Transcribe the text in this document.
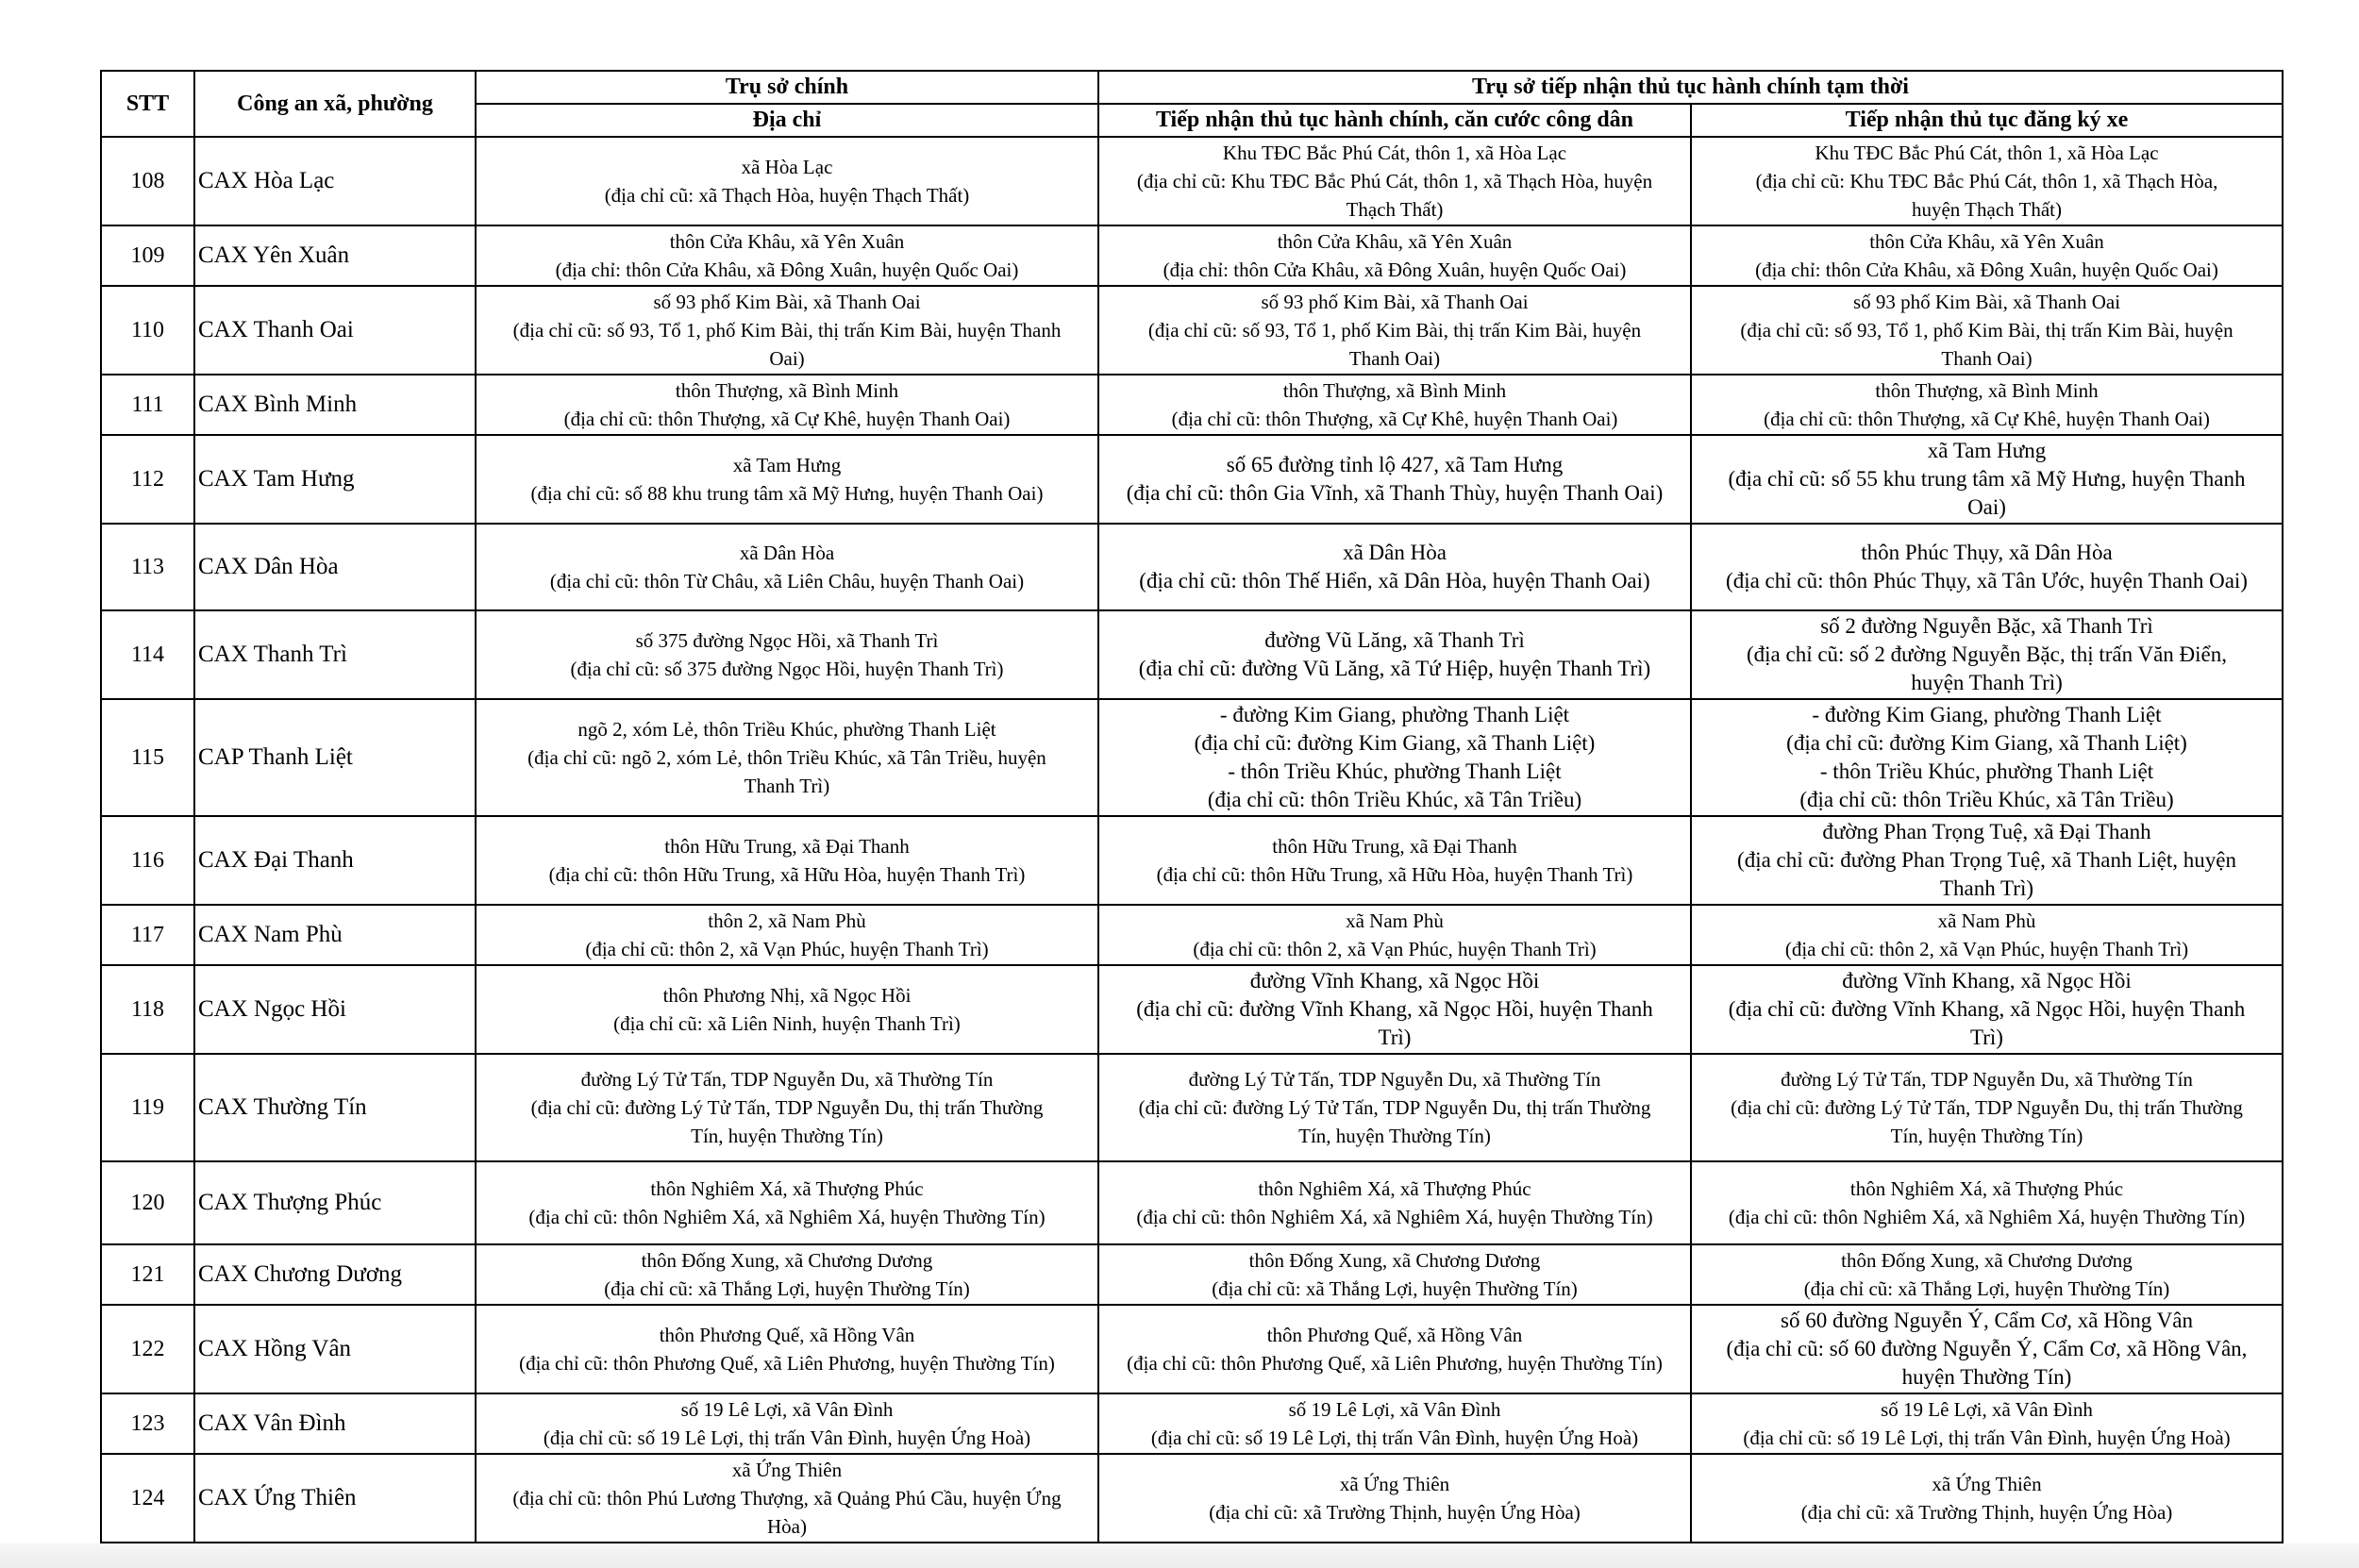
STT	Công an xã, phường	Trụ sở chính	Trụ sở tiếp nhận thủ tục hành chính tạm thời	
		Địa chỉ	Tiếp nhận thủ tục hành chính, căn cước công dân	Tiếp nhận thủ tục đăng ký xe
108	CAX Hòa Lạc	xã Hòa Lạc
(địa chỉ cũ: xã Thạch Hòa, huyện Thạch Thất)	Khu TĐC Bắc Phú Cát, thôn 1, xã Hòa Lạc
(địa chỉ cũ: Khu TĐC Bắc Phú Cát, thôn 1, xã Thạch Hòa, huyện
Thạch Thất)	Khu TĐC Bắc Phú Cát, thôn 1, xã Hòa Lạc
(địa chỉ cũ: Khu TĐC Bắc Phú Cát, thôn 1, xã Thạch Hòa,
huyện Thạch Thất)

109	CAX Yên Xuân	thôn Cửa Khâu, xã Yên Xuân
(địa chỉ: thôn Cửa Khâu, xã Đông Xuân, huyện Quốc Oai)	thôn Cửa Khâu, xã Yên Xuân
(địa chỉ: thôn Cửa Khâu, xã Đông Xuân, huyện Quốc Oai)	thôn Cửa Khâu, xã Yên Xuân
(địa chỉ: thôn Cửa Khâu, xã Đông Xuân, huyện Quốc Oai)

110	CAX Thanh Oai	số 93 phố Kim Bài, xã Thanh Oai
(địa chỉ cũ: số 93, Tổ 1, phố Kim Bài, thị trấn Kim Bài, huyện Thanh
Oai)	số 93 phố Kim Bài, xã Thanh Oai
(địa chỉ cũ: số 93, Tổ 1, phố Kim Bài, thị trấn Kim Bài, huyện
Thanh Oai)	số 93 phố Kim Bài, xã Thanh Oai
(địa chỉ cũ: số 93, Tổ 1, phố Kim Bài, thị trấn Kim Bài, huyện
Thanh Oai)

111	CAX Bình Minh	thôn Thượng, xã Bình Minh
(địa chỉ cũ: thôn Thượng, xã Cự Khê, huyện Thanh Oai)	thôn Thượng, xã Bình Minh
(địa chỉ cũ: thôn Thượng, xã Cự Khê, huyện Thanh Oai)	thôn Thượng, xã Bình Minh
(địa chỉ cũ: thôn Thượng, xã Cự Khê, huyện Thanh Oai)

112	CAX Tam Hưng	xã Tam Hưng
(địa chỉ cũ: số 88 khu trung tâm xã Mỹ Hưng, huyện Thanh Oai)	số 65 đường tỉnh lộ 427, xã Tam Hưng
(địa chỉ cũ: thôn Gia Vĩnh, xã Thanh Thùy, huyện Thanh Oai)	xã Tam Hưng
(địa chỉ cũ: số 55 khu trung tâm xã Mỹ Hưng, huyện Thanh
Oai)

113	CAX Dân Hòa	xã Dân Hòa
(địa chỉ cũ: thôn Từ Châu, xã Liên Châu, huyện Thanh Oai)	xã Dân Hòa
(địa chỉ cũ: thôn Thế Hiển, xã Dân Hòa, huyện Thanh Oai)	thôn Phúc Thụy, xã Dân Hòa
(địa chỉ cũ: thôn Phúc Thụy, xã Tân Ước, huyện Thanh Oai)

114	CAX Thanh Trì	số 375 đường Ngọc Hồi, xã Thanh Trì
(địa chỉ cũ: số 375 đường Ngọc Hồi, huyện Thanh Trì)	đường Vũ Lăng, xã Thanh Trì
(địa chỉ cũ: đường Vũ Lăng, xã Tứ Hiệp, huyện Thanh Trì)	số 2 đường Nguyễn Bặc, xã Thanh Trì
(địa chỉ cũ: số 2 đường Nguyễn Bặc, thị trấn Văn Điển,
huyện Thanh Trì)

115	CAP Thanh Liệt	ngõ 2, xóm Lẻ, thôn Triều Khúc, phường Thanh Liệt
(địa chỉ cũ: ngõ 2, xóm Lẻ, thôn Triều Khúc, xã Tân Triều, huyện
Thanh Trì)	- đường Kim Giang, phường Thanh Liệt
(địa chỉ cũ: đường Kim Giang, xã Thanh Liệt)
- thôn Triều Khúc, phường Thanh Liệt
(địa chỉ cũ: thôn Triều Khúc, xã Tân Triều)	- đường Kim Giang, phường Thanh Liệt
(địa chỉ cũ: đường Kim Giang, xã Thanh Liệt)
- thôn Triều Khúc, phường Thanh Liệt
(địa chỉ cũ: thôn Triều Khúc, xã Tân Triều)

116	CAX Đại Thanh	thôn Hữu Trung, xã Đại Thanh
(địa chỉ cũ: thôn Hữu Trung, xã Hữu Hòa, huyện Thanh Trì)	thôn Hữu Trung, xã Đại Thanh
(địa chỉ cũ: thôn Hữu Trung, xã Hữu Hòa, huyện Thanh Trì)	đường Phan Trọng Tuệ, xã Đại Thanh
(địa chỉ cũ: đường Phan Trọng Tuệ, xã Thanh Liệt, huyện
Thanh Trì)

117	CAX Nam Phù	thôn 2, xã Nam Phù
(địa chỉ cũ: thôn 2, xã Vạn Phúc, huyện Thanh Trì)	xã Nam Phù
(địa chỉ cũ: thôn 2, xã Vạn Phúc, huyện Thanh Trì)	xã Nam Phù
(địa chỉ cũ: thôn 2, xã Vạn Phúc, huyện Thanh Trì)

118	CAX Ngọc Hồi	thôn Phương Nhị, xã Ngọc Hồi
(địa chỉ cũ: xã Liên Ninh, huyện Thanh Trì)	đường Vĩnh Khang, xã Ngọc Hồi
(địa chỉ cũ: đường Vĩnh Khang, xã Ngọc Hồi, huyện Thanh
Trì)	đường Vĩnh Khang, xã Ngọc Hồi
(địa chỉ cũ: đường Vĩnh Khang, xã Ngọc Hồi, huyện Thanh
Trì)

119	CAX Thường Tín	đường Lý Tử Tấn, TDP Nguyễn Du, xã Thường Tín
(địa chỉ cũ: đường Lý Tử Tấn, TDP Nguyễn Du, thị trấn Thường
Tín, huyện Thường Tín)	đường Lý Tử Tấn, TDP Nguyễn Du, xã Thường Tín
(địa chỉ cũ: đường Lý Tử Tấn, TDP Nguyễn Du, thị trấn Thường
Tín, huyện Thường Tín)	đường Lý Tử Tấn, TDP Nguyễn Du, xã Thường Tín
(địa chỉ cũ: đường Lý Tử Tấn, TDP Nguyễn Du, thị trấn Thường
Tín, huyện Thường Tín)

120	CAX Thượng Phúc	thôn Nghiêm Xá, xã Thượng Phúc
(địa chỉ cũ: thôn Nghiêm Xá, xã Nghiêm Xá, huyện Thường Tín)	thôn Nghiêm Xá, xã Thượng Phúc
(địa chỉ cũ: thôn Nghiêm Xá, xã Nghiêm Xá, huyện Thường Tín)	thôn Nghiêm Xá, xã Thượng Phúc
(địa chỉ cũ: thôn Nghiêm Xá, xã Nghiêm Xá, huyện Thường Tín)

121	CAX Chương Dương	thôn Đống Xung, xã Chương Dương
(địa chỉ cũ: xã Thắng Lợi, huyện Thường Tín)	thôn Đống Xung, xã Chương Dương
(địa chỉ cũ: xã Thắng Lợi, huyện Thường Tín)	thôn Đống Xung, xã Chương Dương
(địa chỉ cũ: xã Thắng Lợi, huyện Thường Tín)

122	CAX Hồng Vân	thôn Phương Quế, xã Hồng Vân
(địa chỉ cũ: thôn Phương Quế, xã Liên Phương, huyện Thường Tín)	thôn Phương Quế, xã Hồng Vân
(địa chỉ cũ: thôn Phương Quế, xã Liên Phương, huyện Thường Tín)	số 60 đường Nguyễn Ý, Cẩm Cơ, xã Hồng Vân
(địa chỉ cũ: số 60 đường Nguyễn Ý, Cẩm Cơ, xã Hồng Vân,
huyện Thường Tín)

123	CAX Vân Đình	số 19 Lê Lợi, xã Vân Đình
(địa chỉ cũ: số 19 Lê Lợi, thị trấn Vân Đình, huyện Ứng Hoà)	số 19 Lê Lợi, xã Vân Đình
(địa chỉ cũ: số 19 Lê Lợi, thị trấn Vân Đình, huyện Ứng Hoà)	số 19 Lê Lợi, xã Vân Đình
(địa chỉ cũ: số 19 Lê Lợi, thị trấn Vân Đình, huyện Ứng Hoà)

124	CAX Ứng Thiên	xã Ứng Thiên
(địa chỉ cũ: thôn Phú Lương Thượng, xã Quảng Phú Cầu, huyện Ứng
Hòa)	xã Ứng Thiên
(địa chỉ cũ: xã Trường Thịnh, huyện Ứng Hòa)	xã Ứng Thiên
(địa chỉ cũ: xã Trường Thịnh, huyện Ứng Hòa)
